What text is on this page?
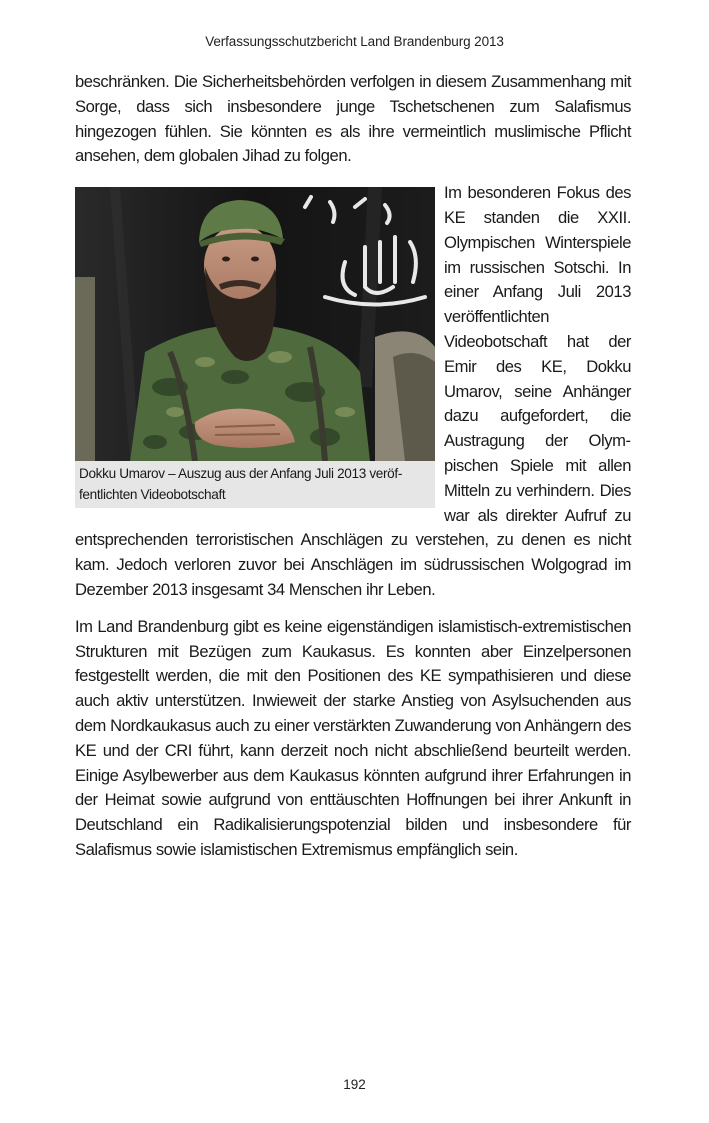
Verfassungsschutzbericht Land Brandenburg 2013

beschränken. Die Sicherheitsbehörden verfolgen in diesem Zusammenhang mit Sorge, dass sich insbesondere junge Tschetschenen zum Salafismus hingezogen fühlen. Sie könnten es als ihre vermeintlich muslimische Pflicht ansehen, dem globalen Jihad zu folgen.

Dokku Umarov – Auszug aus der Anfang Juli 2013 veröffentlichten Videobotschaft

Im besonderen Fokus des KE standen die XXII. Olympischen Winterspiele im russischen Sotschi. In einer Anfang Juli 2013 veröffentlichten Videobotschaft hat der Emir des KE, Dokku Umarov, seine Anhänger dazu aufgefordert, die Austragung der Olympischen Spiele mit allen Mitteln zu verhindern. Dies war als direkter Aufruf zu entsprechenden terroristischen Anschlägen zu verstehen, zu denen es nicht kam. Jedoch verloren zuvor bei Anschlägen im südrussischen Wolgograd im Dezember 2013 insgesamt 34 Menschen ihr Leben.

Im Land Brandenburg gibt es keine eigenständigen islamistisch-extremistischen Strukturen mit Bezügen zum Kaukasus. Es konnten aber Einzelpersonen festgestellt werden, die mit den Positionen des KE sympathisieren und diese auch aktiv unterstützen. Inwieweit der starke Anstieg von Asylsuchenden aus dem Nordkaukasus auch zu einer verstärkten Zuwanderung von Anhängern des KE und der CRI führt, kann derzeit noch nicht abschließend beurteilt werden. Einige Asylbewerber aus dem Kaukasus könnten aufgrund ihrer Erfahrungen in der Heimat sowie aufgrund von enttäuschten Hoffnungen bei ihrer Ankunft in Deutschland ein Radikalisierungspotenzial bilden und insbesondere für Salafismus sowie islamistischen Extremismus empfänglich sein.

192
